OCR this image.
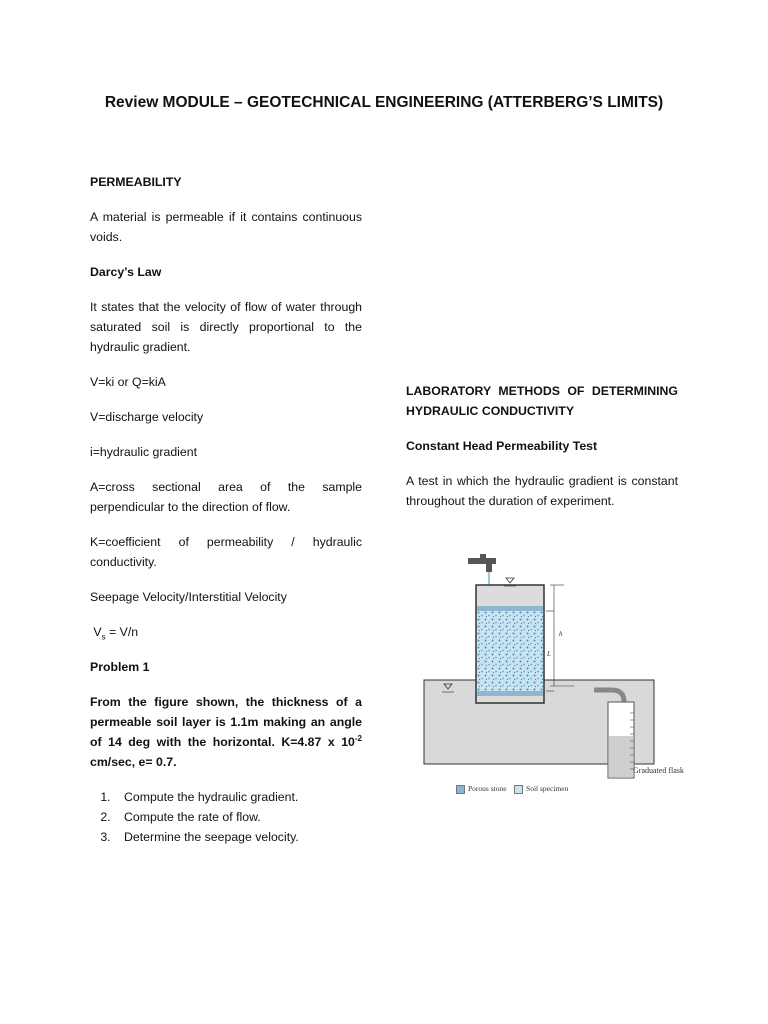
Review MODULE – GEOTECHNICAL ENGINEERING (ATTERBERG’S LIMITS)

PERMEABILITY

A material is permeable if it contains continuous voids.

Darcy’s Law

It states that the velocity of flow of water through saturated soil is directly proportional to the hydraulic gradient.

V=ki or Q=kiA

V=discharge velocity

i=hydraulic gradient

A=cross sectional area of the sample perpendicular to the direction of flow.

K=coefficient of permeability / hydraulic conductivity.

Seepage Velocity/Interstitial Velocity

$V_s = V/n$

Problem 1

From the figure shown, the thickness of a permeable soil layer is 1.1m making an angle of 14 deg with the horizontal. K=4.87 x $10^{-2}$ cm/sec, e= 0.7.

1. Compute the hydraulic gradient.
2. Compute the rate of flow.
3. Determine the seepage velocity.

LABORATORY METHODS OF DETERMINING HYDRAULIC CONDUCTIVITY

Constant Head Permeability Test

A test in which the hydraulic gradient is constant throughout the duration of experiment.

h
L
Graduated flask
Porous stone	Soil specimen
